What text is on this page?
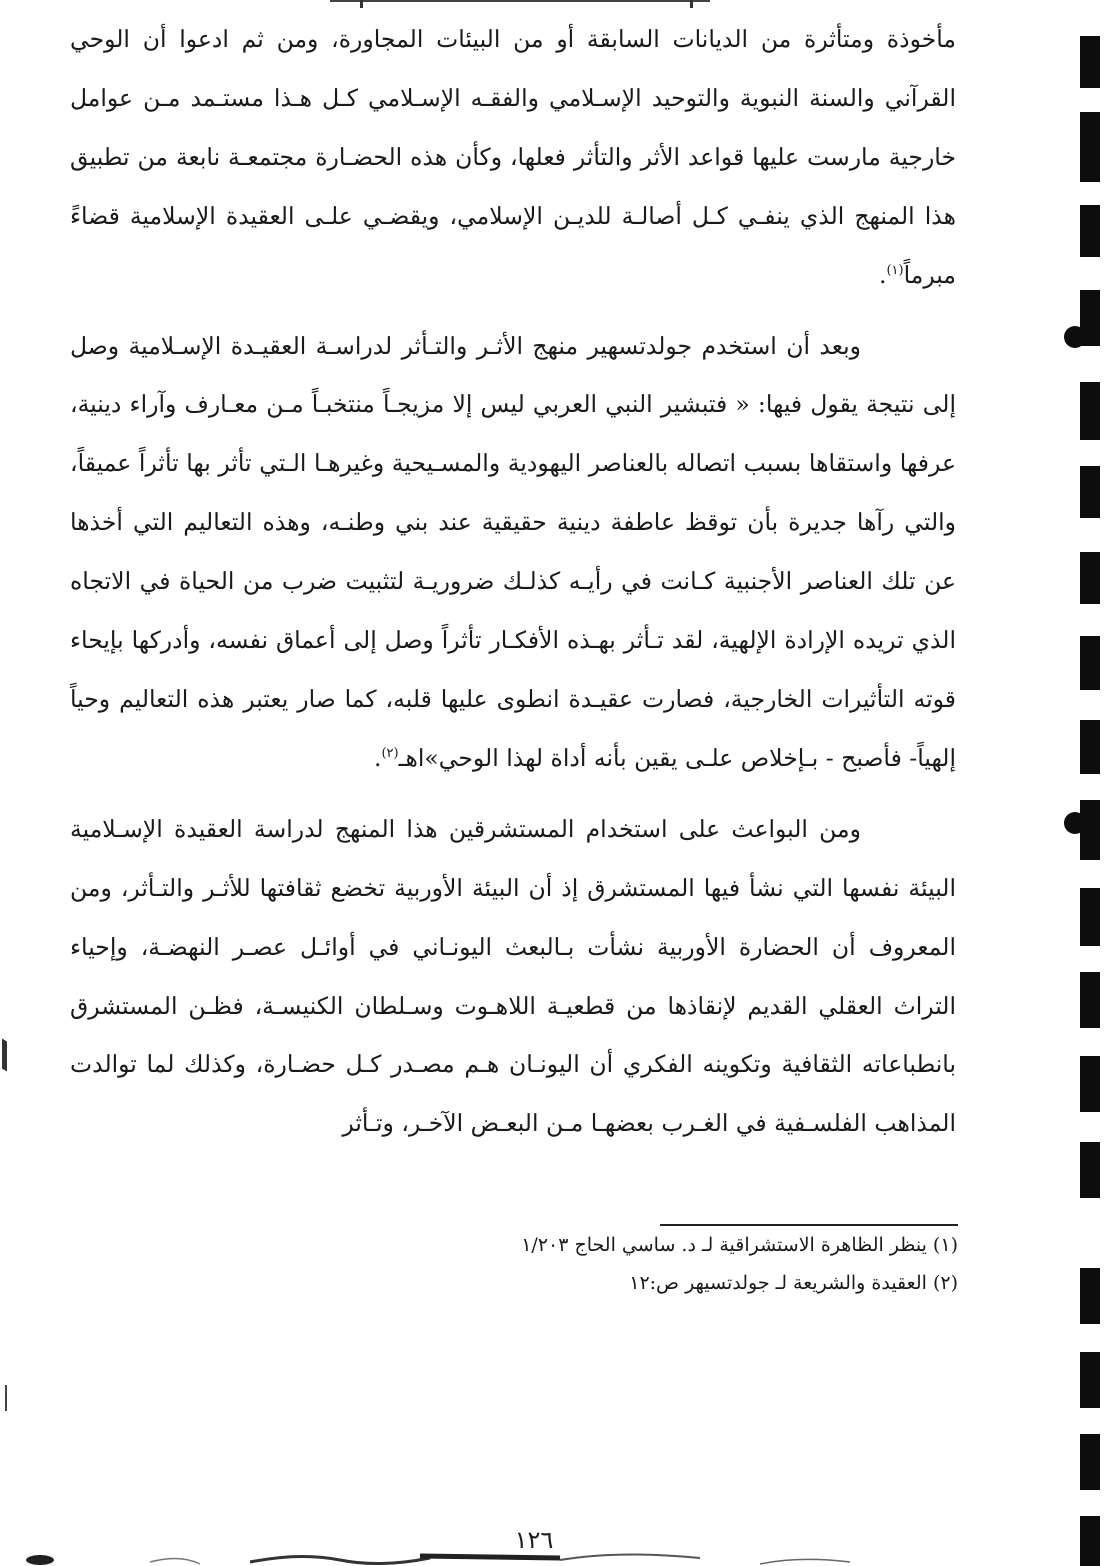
مأخوذة ومتأثرة من الديانات السابقة أو من البيئات المجاورة، ومن ثم ادعوا أن الوحي القرآني والسنة النبوية والتوحيد الإسـلامي والفقـه الإسـلامي كـل هـذا مستـمد مـن عوامل خارجية مارست عليها قواعد الأثر والتأثر فعلها، وكأن هذه الحضـارة مجتمعـة نابعة من تطبيق هذا المنهج الذي ينفـي كـل أصالـة للديـن الإسلامي، ويقضـي علـى العقيدة الإسلامية قضاءً مبرماً$^{(١)}$.

وبعد أن استخدم جولدتسهير منهج الأثـر والتـأثر لدراسـة العقيـدة الإسـلامية وصل إلى نتيجة يقول فيها: « فتبشير النبي العربي ليس إلا مزيجـاً منتخبـاً مـن معـارف وآراء دينية، عرفها واستقاها بسبب اتصاله بالعناصر اليهودية والمسـيحية وغيرهـا الـتي تأثر بها تأثراً عميقاً، والتي رآها جديرة بأن توقظ عاطفة دينية حقيقية عند بني وطنـه، وهذه التعاليم التي أخذها عن تلك العناصر الأجنبية كـانت في رأيـه كذلـك ضروريـة لتثبيت ضرب من الحياة في الاتجاه الذي تريده الإرادة الإلهية، لقد تـأثر بهـذه الأفكـار تأثراً وصل إلى أعماق نفسه، وأدركها بإيحاء قوته التأثيرات الخارجية، فصارت عقيـدة انطوى عليها قلبه، كما صار يعتبر هذه التعاليم وحياً إلهياً- فأصبح - بـإخلاص علـى يقين بأنه أداة لهذا الوحي»اهـ$^{(٢)}$.

ومن البواعث على استخدام المستشرقين هذا المنهج لدراسة العقيدة الإسـلامية البيئة نفسها التي نشأ فيها المستشرق إذ أن البيئة الأوربية تخضع ثقافتها للأثـر والتـأثر، ومن المعروف أن الحضارة الأوربية نشأت بـالبعث اليونـاني في أوائـل عصـر النهضـة، وإحياء التراث العقلي القديم لإنقاذها من قطعيـة اللاهـوت وسـلطان الكنيسـة، فظـن المستشرق بانطباعاته الثقافية وتكوينه الفكري أن اليونـان هـم مصـدر كـل حضـارة، وكذلك لما توالدت المذاهب الفلسـفية في الغـرب بعضهـا مـن البعـض الآخـر، وتـأثر

(١) ينظر الظاهرة الاستشراقية لـ د. ساسي الحاج ١/٢٠٣

(٢) العقيدة والشريعة لـ جولدتسيهر ص:١٢

١٢٦
